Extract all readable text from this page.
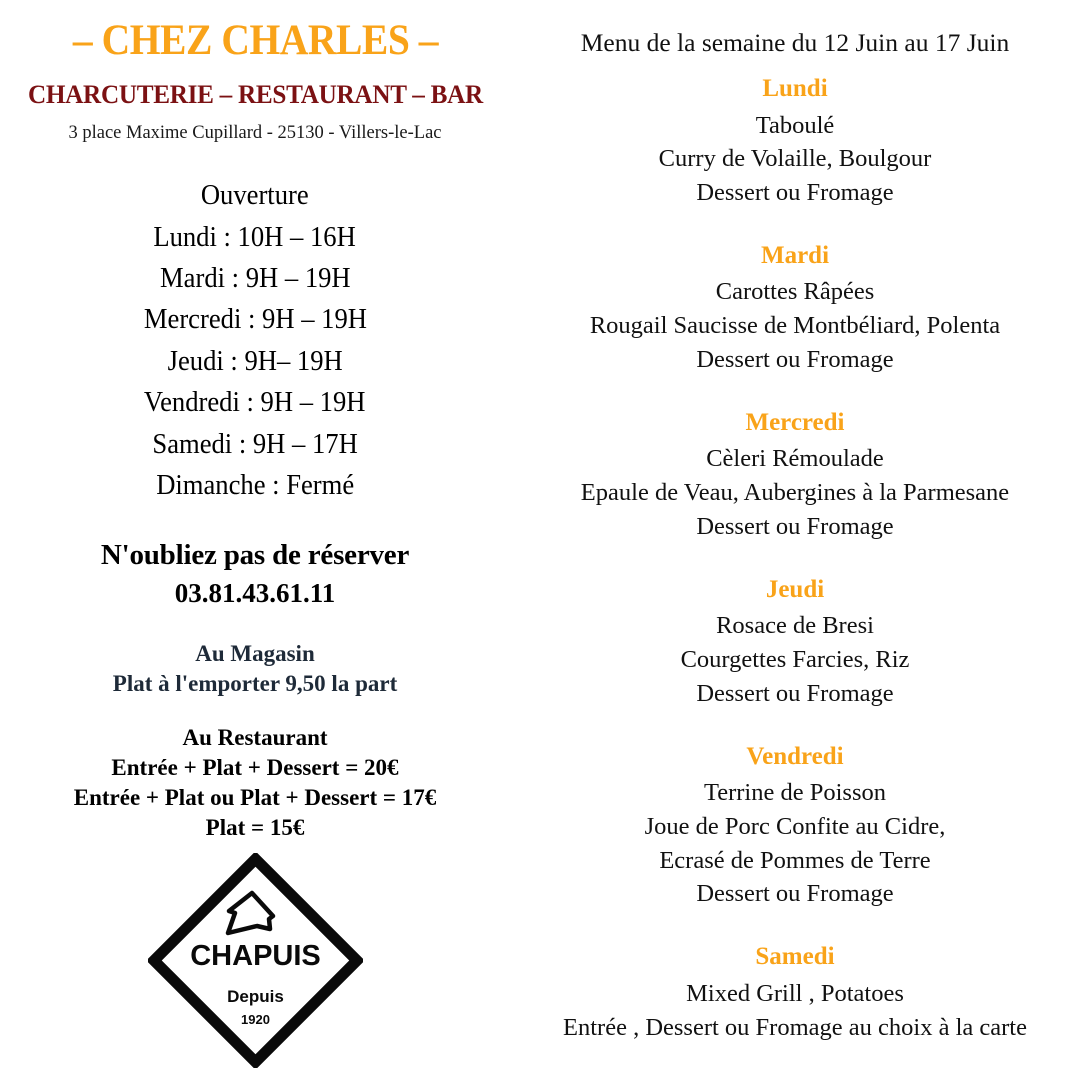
– CHEZ CHARLES –
CHARCUTERIE – RESTAURANT – BAR
3 place Maxime Cupillard - 25130 - Villers-le-Lac
Ouverture
Lundi : 10H – 16H
Mardi : 9H – 19H
Mercredi : 9H – 19H
Jeudi : 9H– 19H
Vendredi : 9H – 19H
Samedi : 9H – 17H
Dimanche : Fermé
N'oubliez pas de réserver
03.81.43.61.11
Au Magasin
Plat à l'emporter 9,50 la part
Au Restaurant
Entrée + Plat + Dessert = 20€
Entrée + Plat ou Plat + Dessert = 17€
Plat = 15€
CHAPUIS
Depuis
1920
Menu de la semaine du 12 Juin au 17 Juin
Lundi
Taboulé
Curry de Volaille, Boulgour
Dessert ou Fromage
Mardi
Carottes Râpées
Rougail Saucisse de Montbéliard, Polenta
Dessert ou Fromage
Mercredi
Cèleri Rémoulade
Epaule de Veau, Aubergines à la Parmesane
Dessert ou Fromage
Jeudi
Rosace de Bresi
Courgettes Farcies, Riz
Dessert ou Fromage
Vendredi
Terrine de Poisson
Joue de Porc Confite au Cidre,
Ecrasé de Pommes de Terre
Dessert ou Fromage
Samedi
Mixed Grill , Potatoes
Entrée , Dessert ou Fromage au choix à la carte
